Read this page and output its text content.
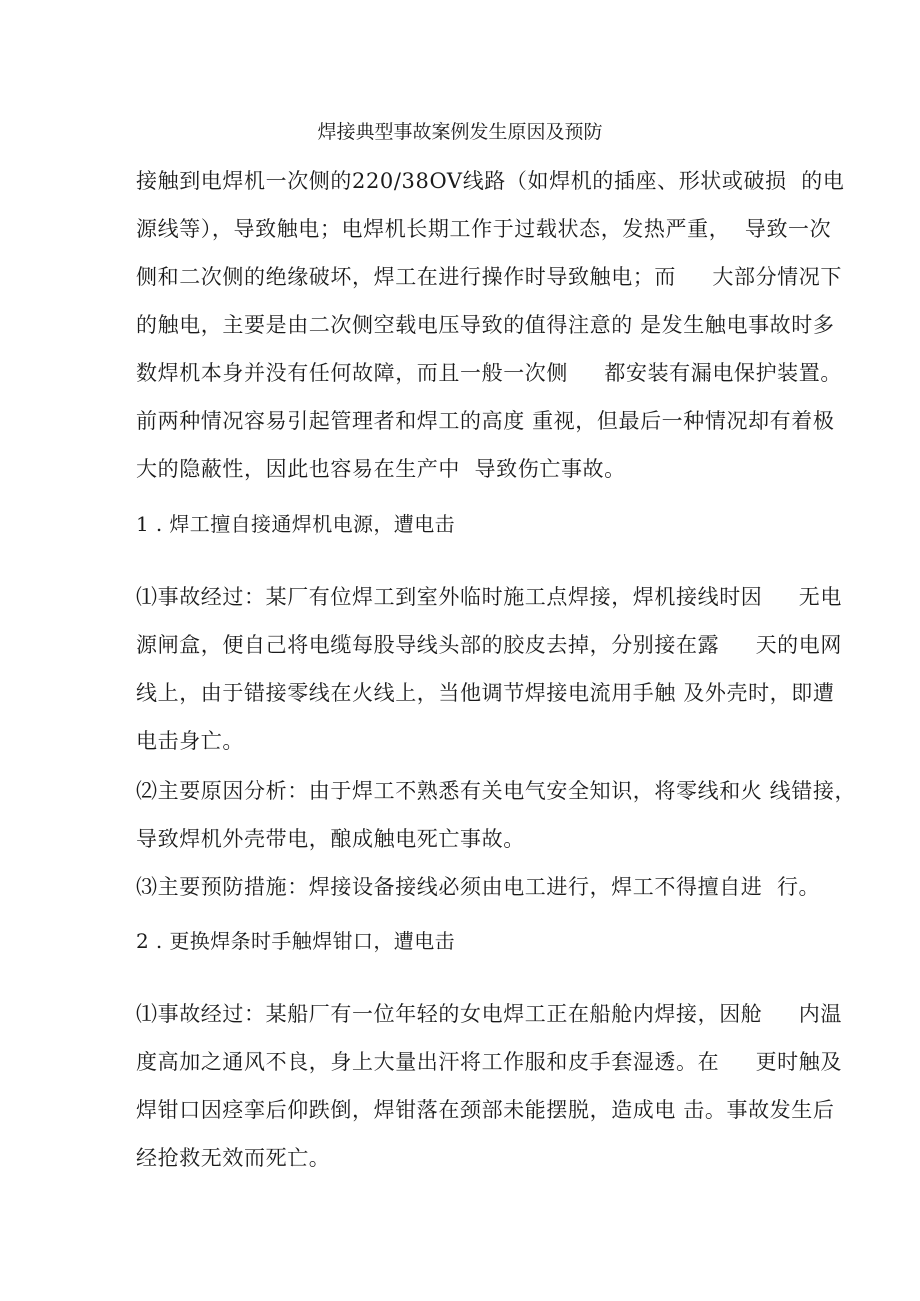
焊接典型事故案例发生原因及预防
接触到电焊机一次侧的220/38OV线路（如焊机的插座、形状或破损  的电
源线等），导致触电；电焊机长期工作于过载状态，发热严重，  导致一次
侧和二次侧的绝缘破坏，焊工在进行操作时导致触电；而     大部分情况下
的触电，主要是由二次侧空载电压导致的值得注意的 是发生触电事故时多
数焊机本身并没有任何故障，而且一般一次侧     都安装有漏电保护装置。
前两种情况容易引起管理者和焊工的高度 重视，但最后一种情况却有着极
大的隐蔽性，因此也容易在生产中  导致伤亡事故。
1 . 焊工擅自接通焊机电源，遭电击
⑴事故经过：某厂有位焊工到室外临时施工点焊接，焊机接线时因     无电
源闸盒，便自己将电缆每股导线头部的胶皮去掉，分别接在露     天的电网
线上，由于错接零线在火线上，当他调节焊接电流用手触 及外壳时，即遭
电击身亡。
⑵主要原因分析：由于焊工不熟悉有关电气安全知识，将零线和火 线错接，
导致焊机外壳带电，酿成触电死亡事故。
⑶主要预防措施：焊接设备接线必须由电工进行，焊工不得擅自进  行。
2 . 更换焊条时手触焊钳口，遭电击
⑴事故经过：某船厂有一位年轻的女电焊工正在船舱内焊接，因舱     内温
度高加之通风不良，身上大量出汗将工作服和皮手套湿透。在     更时触及
焊钳口因痉挛后仰跌倒，焊钳落在颈部未能摆脱，造成电 击。事故发生后
经抢救无效而死亡。
